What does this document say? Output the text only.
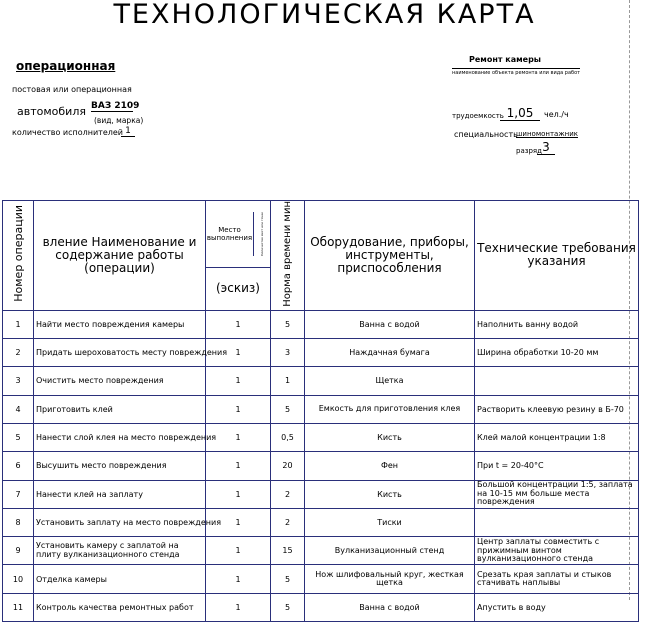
ТЕХНОЛОГИЧЕСКАЯ КАРТА
операционная
постовая или операционная
автомобиля ВАЗ 2109
(вид, марка)
количество исполнителей 1
Ремонт камеры
наименование объекта ремонта или вида работ
трудоемкость 1,05	чел./ч
специальность
шиномонтажник
разряд 3
Номер операции	вление Наименование и содержание работы (операции)	Место выполнения Количество мест или точек	Норма времени мин	Оборудование, приборы, инструменты, приспособления	Технические требования указания
		(эскиз)			
1	Найти место повреждения камеры	1	5	Ванна с водой	Наполнить ванну водой
2	Придать шероховатость месту повреждения	1	3	Наждачная бумага	Ширина обработки 10-20 мм
3	Очистить место повреждения	1	1	Щетка	
4	Приготовить клей	1	5	Емкость для приготовления клея	Растворить клеевую резину в Б-70
5	Нанести слой клея на место повреждения	1	0,5	Кисть	Клей малой концентрации 1:8
6	Высушить место повреждения	1	20	Фен	При t = 20-40°С
7	Нанести клей на заплату	1	2	Кисть	Большой концентрации 1:5, заплата на 10-15 мм больше места повреждения
8	Установить заплату на место повреждения	1	2	Тиски	
9	Установить камеру с заплатой на плиту вулканизационного стенда	1	15	Вулканизационный стенд	Центр заплаты совместить с прижимным винтом вулканизационного стенда
10	Отделка камеры	1	5	Нож шлифовальный круг, жесткая щетка	Срезать края заплаты и стыков стачивать наплывы
11	Контроль качества ремонтных работ	1	5	Ванна с водой	Апустить в воду
